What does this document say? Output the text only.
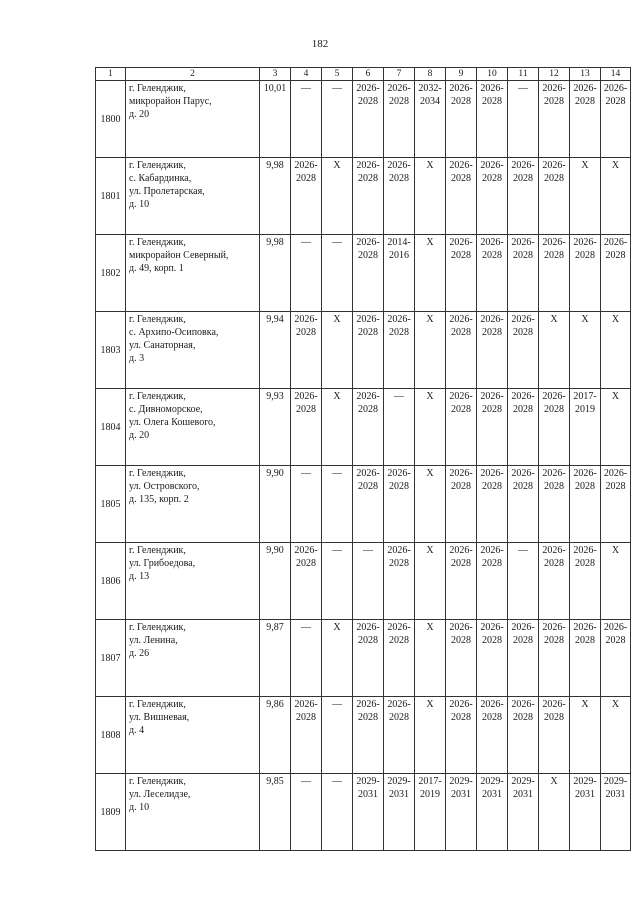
182
1	2	3	4	5	6	7	8	9	10	11	12	13	14
1800	г. Геленджик,
микрорайон Парус,
д. 20	10,01	—	—	2026-
2028	2026-
2028	2032-
2034	2026-
2028	2026-
2028	—	2026-
2028	2026-
2028	2026-
2028
1801	г. Геленджик,
с. Кабардинка,
ул. Пролетарская,
д. 10	9,98	2026-
2028	Х	2026-
2028	2026-
2028	Х	2026-
2028	2026-
2028	2026-
2028	2026-
2028	Х	Х
1802	г. Геленджик,
микрорайон Северный,
д. 49, корп. 1	9,98	—	—	2026-
2028	2014-
2016	Х	2026-
2028	2026-
2028	2026-
2028	2026-
2028	2026-
2028	2026-
2028
1803	г. Геленджик,
с. Архипо-Осиповка,
ул. Санаторная,
д. 3	9,94	2026-
2028	Х	2026-
2028	2026-
2028	Х	2026-
2028	2026-
2028	2026-
2028	Х	Х	Х
1804	г. Геленджик,
с. Дивноморское,
ул. Олега Кошевого,
д. 20	9,93	2026-
2028	Х	2026-
2028	—	Х	2026-
2028	2026-
2028	2026-
2028	2026-
2028	2017-
2019	Х
1805	г. Геленджик,
ул. Островского,
д. 135, корп. 2	9,90	—	—	2026-
2028	2026-
2028	Х	2026-
2028	2026-
2028	2026-
2028	2026-
2028	2026-
2028	2026-
2028
1806	г. Геленджик,
ул. Грибоедова,
д. 13	9,90	2026-
2028	—	—	2026-
2028	Х	2026-
2028	2026-
2028	—	2026-
2028	2026-
2028	Х
1807	г. Геленджик,
ул. Ленина,
д. 26	9,87	—	Х	2026-
2028	2026-
2028	Х	2026-
2028	2026-
2028	2026-
2028	2026-
2028	2026-
2028	2026-
2028
1808	г. Геленджик,
ул. Вишневая,
д. 4	9,86	2026-
2028	—	2026-
2028	2026-
2028	Х	2026-
2028	2026-
2028	2026-
2028	2026-
2028	Х	Х
1809	г. Геленджик,
ул. Леселидзе,
д. 10	9,85	—	—	2029-
2031	2029-
2031	2017-
2019	2029-
2031	2029-
2031	2029-
2031	Х	2029-
2031	2029-
2031
